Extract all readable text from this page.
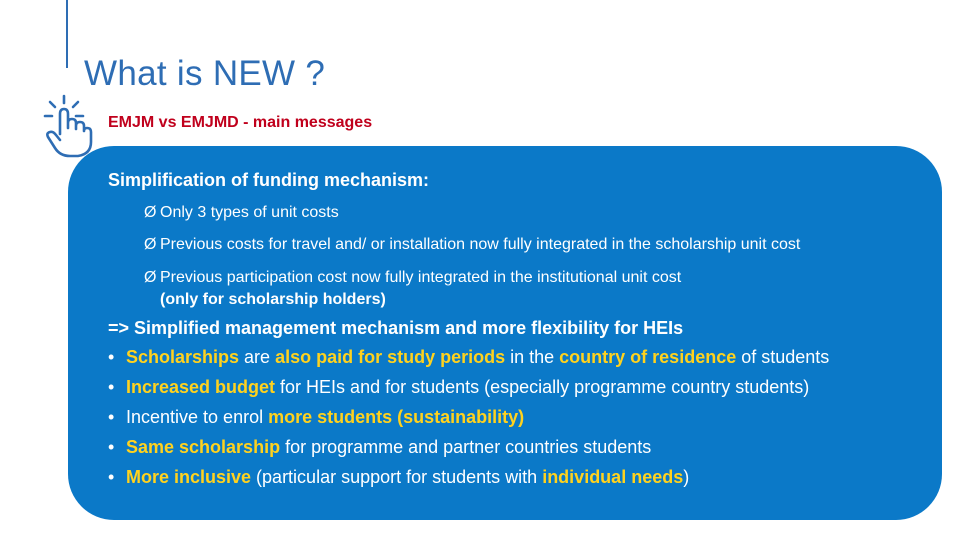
What is NEW ?
EMJM vs EMJMD - main messages
Simplification of funding mechanism:
Ø Only 3 types of unit costs
Ø Previous costs for travel and/ or installation now fully integrated in the scholarship unit cost
Ø Previous participation cost now fully integrated in the institutional unit cost
(only for scholarship holders)
=> Simplified management mechanism and more flexibility for HEIs
• Scholarships are also paid for study periods in the country of residence of students
• Increased budget for HEIs and for students (especially programme country students)
• Incentive to enrol more students (sustainability)
• Same scholarship for programme and partner countries students
• More inclusive (particular support for students with individual needs)
